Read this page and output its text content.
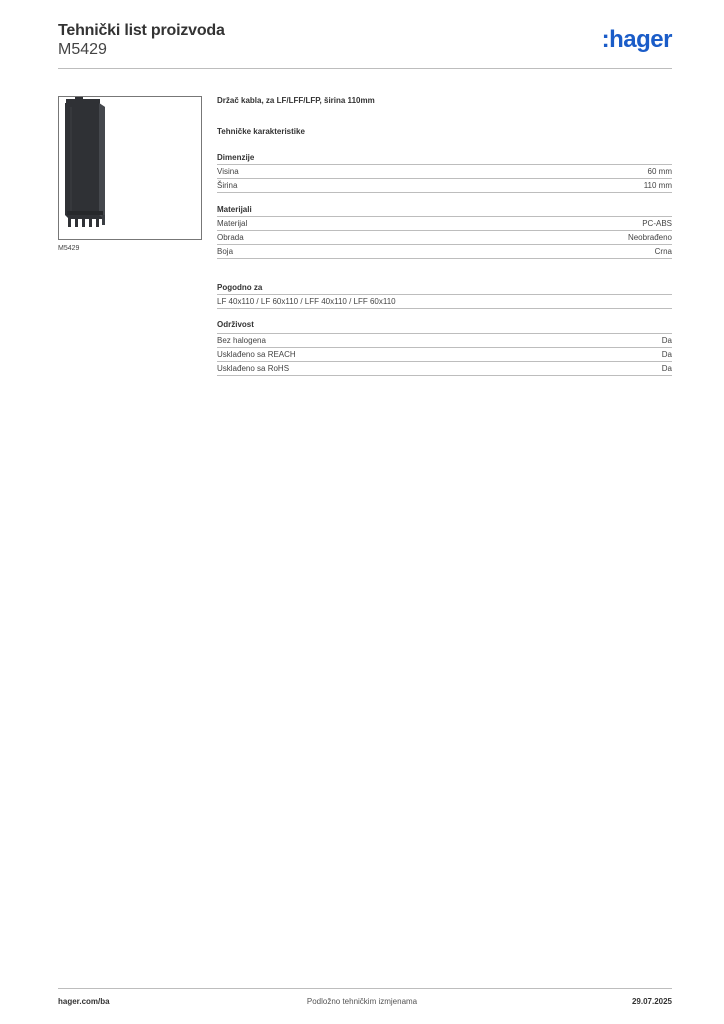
Tehnički list proizvoda
M5429	:hager
M5429
Držač kabla, za LF/LFF/LFP, širina 110mm
Tehničke karakteristike
Dimenzije
Visina	60 mm
Širina	110 mm
Materijali
Materijal	PC-ABS
Obrada	Neobrađeno
Boja	Crna
Pogodno za
LF 40x110 / LF 60x110 / LFF 40x110 / LFF 60x110
Održivost
Bez halogena	Da
Usklađeno sa REACH	Da
Usklađeno sa RoHS	Da
Podložno tehničkim izmjenama
hager.com/ba	29.07.2025
